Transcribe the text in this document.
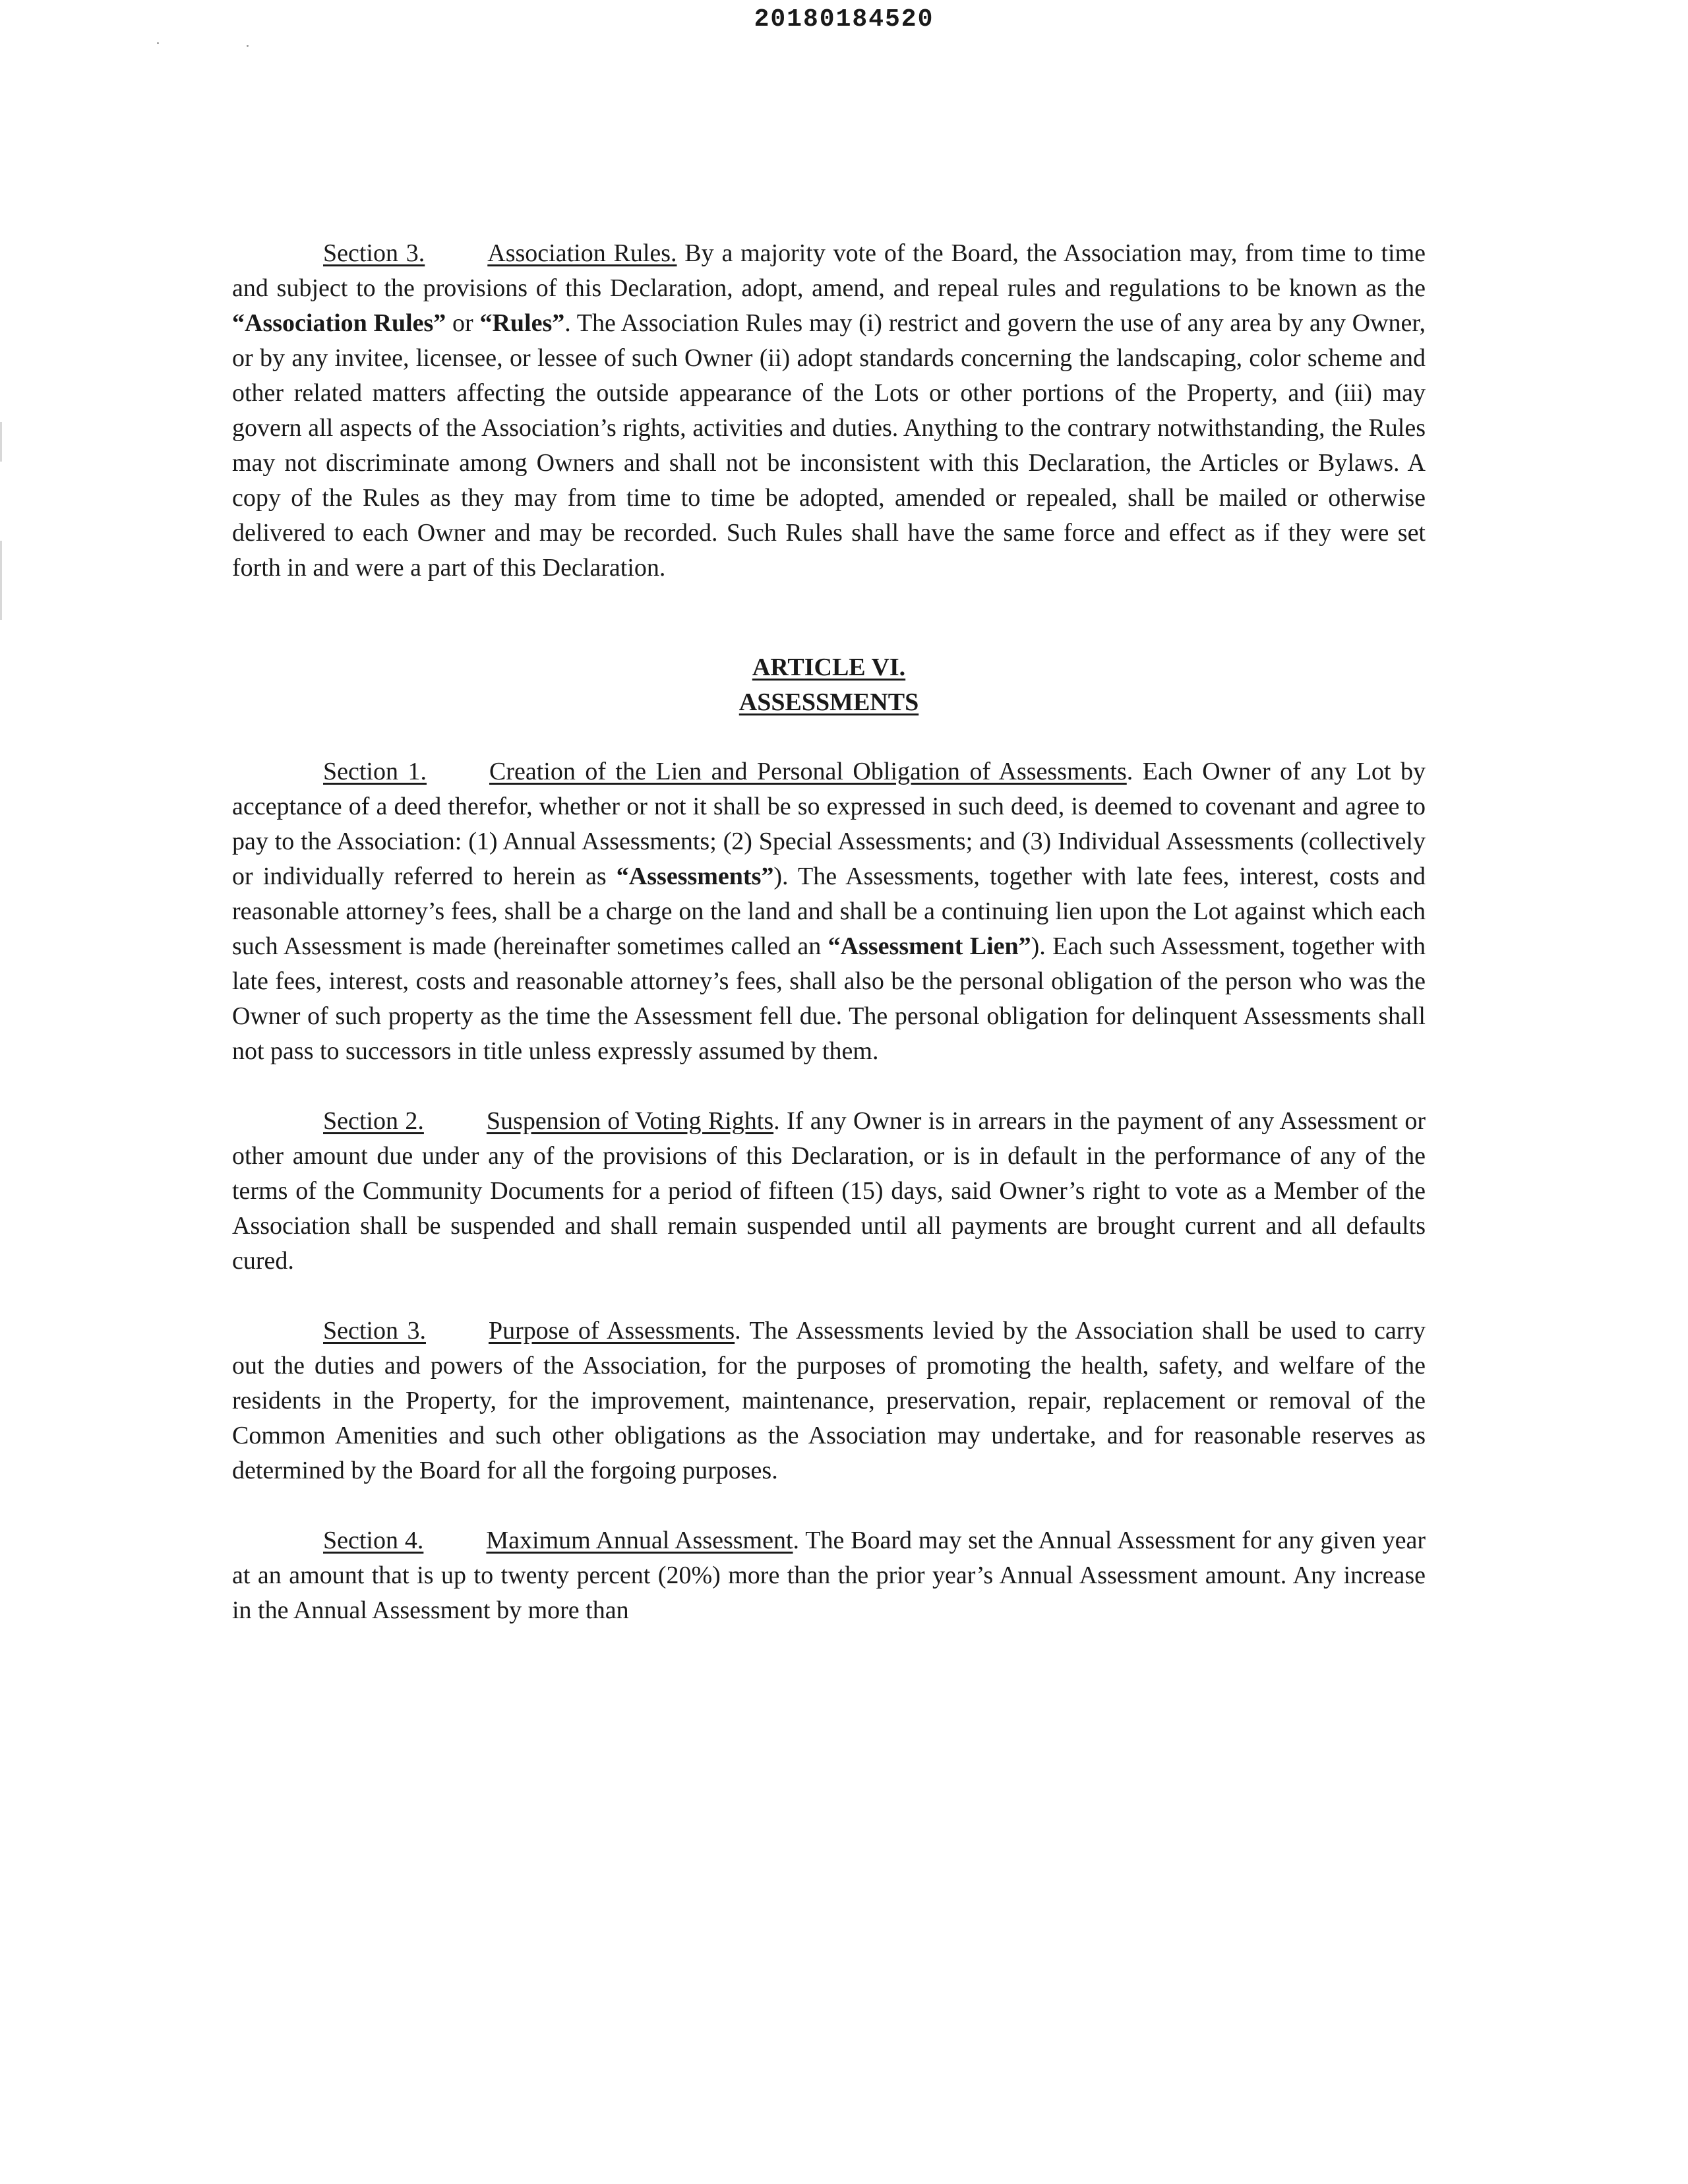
20180184520

Section 3.	Association Rules. By a majority vote of the Board, the Association may, from time to time and subject to the provisions of this Declaration, adopt, amend, and repeal rules and regulations to be known as the “Association Rules” or “Rules”. The Association Rules may (i) restrict and govern the use of any area by any Owner, or by any invitee, licensee, or lessee of such Owner (ii) adopt standards concerning the landscaping, color scheme and other related matters affecting the outside appearance of the Lots or other portions of the Property, and (iii) may govern all aspects of the Association’s rights, activities and duties. Anything to the contrary notwithstanding, the Rules may not discriminate among Owners and shall not be inconsistent with this Declaration, the Articles or Bylaws. A copy of the Rules as they may from time to time be adopted, amended or repealed, shall be mailed or otherwise delivered to each Owner and may be recorded. Such Rules shall have the same force and effect as if they were set forth in and were a part of this Declaration.

ARTICLE VI.
ASSESSMENTS

Section 1.	Creation of the Lien and Personal Obligation of Assessments. Each Owner of any Lot by acceptance of a deed therefor, whether or not it shall be so expressed in such deed, is deemed to covenant and agree to pay to the Association: (1) Annual Assessments; (2) Special Assessments; and (3) Individual Assessments (collectively or individually referred to herein as “Assessments”). The Assessments, together with late fees, interest, costs and reasonable attorney’s fees, shall be a charge on the land and shall be a continuing lien upon the Lot against which each such Assessment is made (hereinafter sometimes called an “Assessment Lien”). Each such Assessment, together with late fees, interest, costs and reasonable attorney’s fees, shall also be the personal obligation of the person who was the Owner of such property as the time the Assessment fell due. The personal obligation for delinquent Assessments shall not pass to successors in title unless expressly assumed by them.

Section 2.	Suspension of Voting Rights. If any Owner is in arrears in the payment of any Assessment or other amount due under any of the provisions of this Declaration, or is in default in the performance of any of the terms of the Community Documents for a period of fifteen (15) days, said Owner’s right to vote as a Member of the Association shall be suspended and shall remain suspended until all payments are brought current and all defaults cured.

Section 3.	Purpose of Assessments. The Assessments levied by the Association shall be used to carry out the duties and powers of the Association, for the purposes of promoting the health, safety, and welfare of the residents in the Property, for the improvement, maintenance, preservation, repair, replacement or removal of the Common Amenities and such other obligations as the Association may undertake, and for reasonable reserves as determined by the Board for all the forgoing purposes.

Section 4.	Maximum Annual Assessment. The Board may set the Annual Assessment for any given year at an amount that is up to twenty percent (20%) more than the prior year’s Annual Assessment amount. Any increase in the Annual Assessment by more than
